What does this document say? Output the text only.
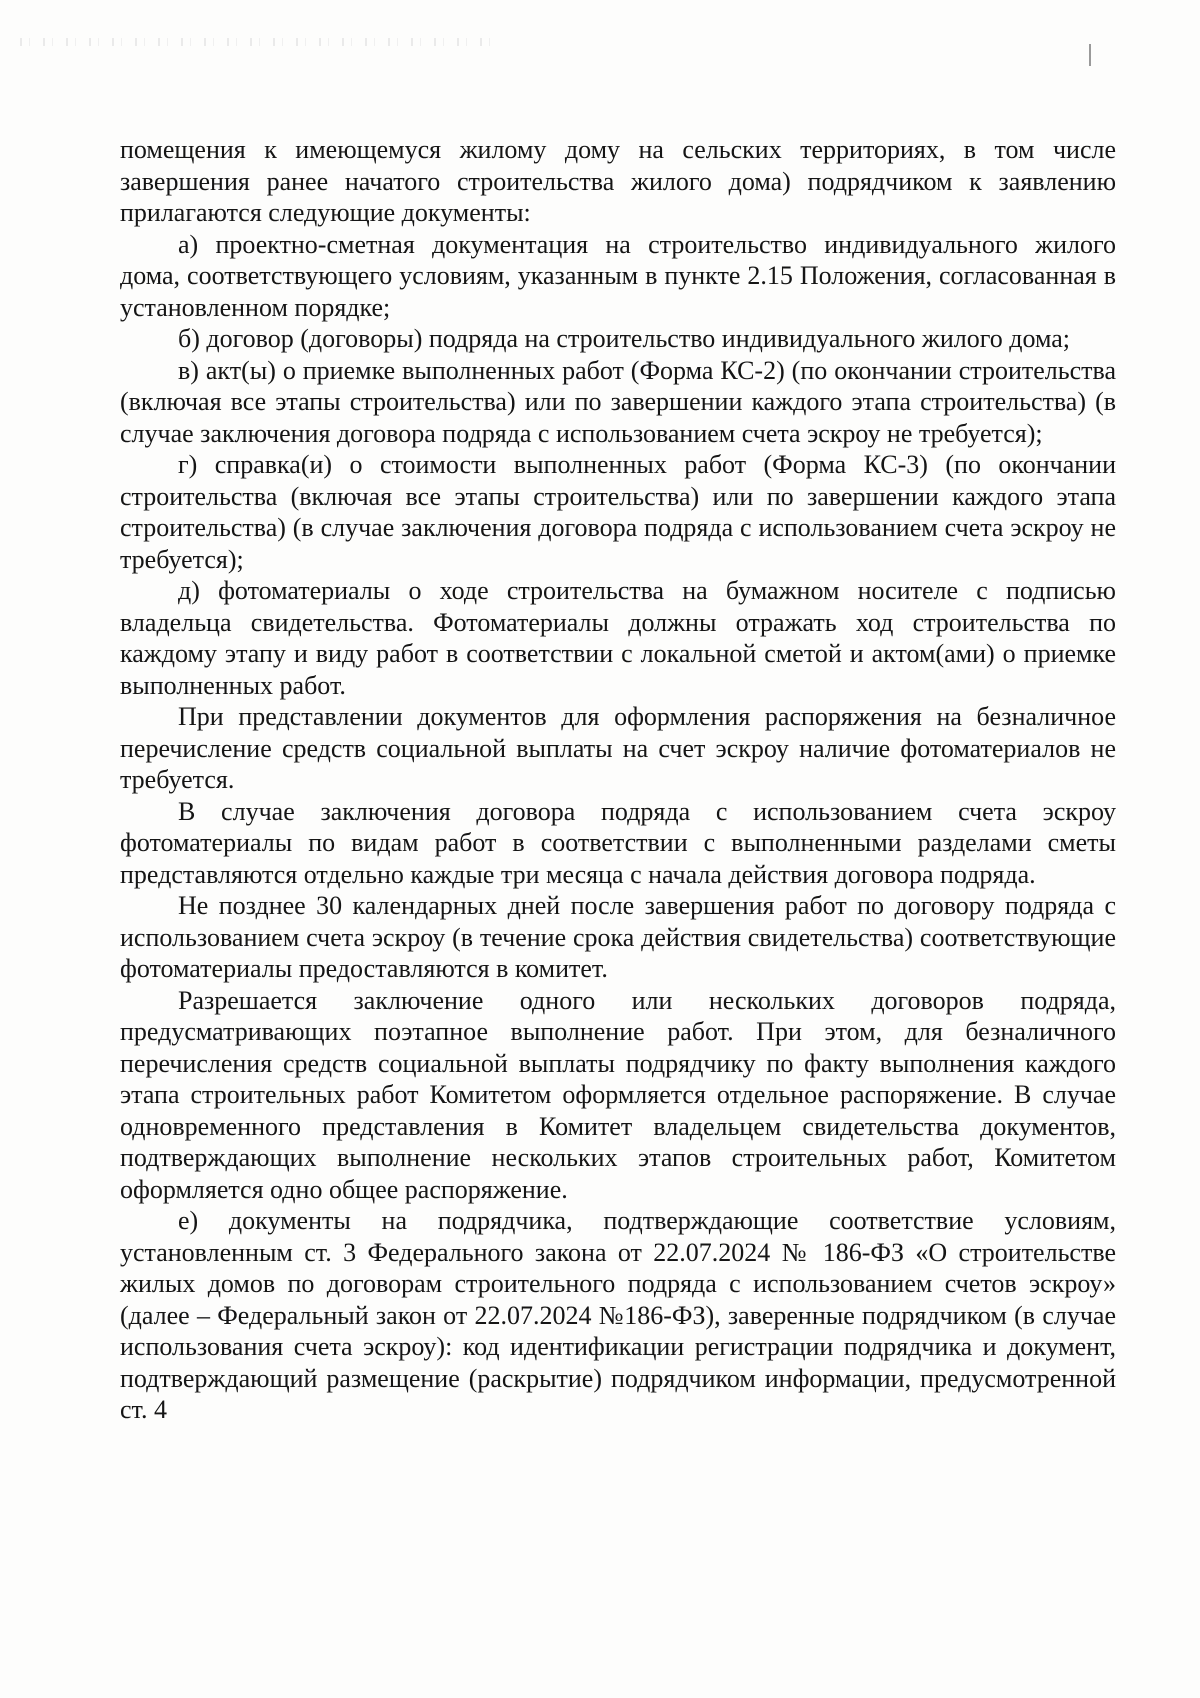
помещения к имеющемуся жилому дому на сельских территориях, в том числе завершения ранее начатого строительства жилого дома) подрядчиком к заявлению прилагаются следующие документы:

а) проектно-сметная документация на строительство индивидуального жилого дома, соответствующего условиям, указанным в пункте 2.15 Положения, согласованная в установленном порядке;

б) договор (договоры) подряда на строительство индивидуального жилого дома;

в) акт(ы) о приемке выполненных работ (Форма КС-2) (по окончании строительства (включая все этапы строительства) или по завершении каждого этапа строительства) (в случае заключения договора подряда с использованием счета эскроу не требуется);

г) справка(и) о стоимости выполненных работ (Форма КС-3) (по окончании строительства (включая все этапы строительства) или по завершении каждого этапа строительства) (в случае заключения договора подряда с использованием счета эскроу не требуется);

д) фотоматериалы о ходе строительства на бумажном носителе с подписью владельца свидетельства. Фотоматериалы должны отражать ход строительства по каждому этапу и виду работ в соответствии с локальной сметой и актом(ами) о приемке выполненных работ.

При представлении документов для оформления распоряжения на безналичное перечисление средств социальной выплаты на счет эскроу наличие фотоматериалов не требуется.

В случае заключения договора подряда с использованием счета эскроу фотоматериалы по видам работ в соответствии с выполненными разделами сметы представляются отдельно каждые три месяца с начала действия договора подряда.

Не позднее 30 календарных дней после завершения работ по договору подряда с использованием счета эскроу (в течение срока действия свидетельства) соответствующие фотоматериалы предоставляются в комитет.

Разрешается заключение одного или нескольких договоров подряда, предусматривающих поэтапное выполнение работ. При этом, для безналичного перечисления средств социальной выплаты подрядчику по факту выполнения каждого этапа строительных работ Комитетом оформляется отдельное распоряжение. В случае одновременного представления в Комитет владельцем свидетельства документов, подтверждающих выполнение нескольких этапов строительных работ, Комитетом оформляется одно общее распоряжение.

е) документы на подрядчика, подтверждающие соответствие условиям, установленным ст. 3 Федерального закона от 22.07.2024 № 186-ФЗ «О строительстве жилых домов по договорам строительного подряда с использованием счетов эскроу» (далее – Федеральный закон от 22.07.2024 №186-ФЗ), заверенные подрядчиком (в случае использования счета эскроу): код идентификации регистрации подрядчика и документ, подтверждающий размещение (раскрытие) подрядчиком информации, предусмотренной ст. 4
